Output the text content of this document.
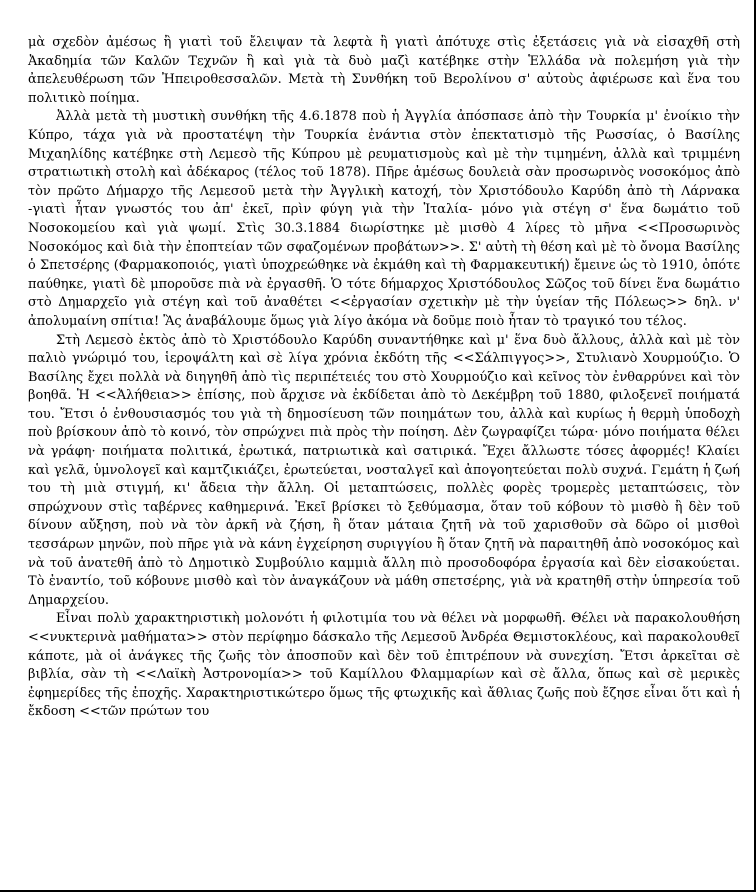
μὰ σχεδὸν ἀμέσως ἢ γιατὶ τοῦ ἔλειψαν τὰ λεφτὰ ἢ γιατὶ ἀπότυχε στὶς ἐξετάσεις γιὰ νὰ εἰσαχθῆ στὴ Ἀκαδημία τῶν Καλῶν Τεχνῶν ἢ καὶ γιὰ τὰ δυὸ μαζὶ κατέβηκε στὴν Ἑλλάδα νὰ πολεμήση γιὰ τὴν ἀπελευθέρωση τῶν Ἠπειροθεσσαλῶν. Μετὰ τὴ Συνθήκη τοῦ Βερολίνου σ' αὐτοὺς ἀφιέρωσε καὶ ἕνα του πολιτικὸ ποίημα.

Ἀλλὰ μετὰ τὴ μυστικὴ συνθήκη τῆς 4.6.1878 ποὺ ἡ Ἀγγλία ἀπόσπασε ἀπὸ τὴν Τουρκία μ' ἐνοίκιο τὴν Κύπρο, τάχα γιὰ νὰ προστατέψη τὴν Τουρκία ἐνάντια στὸν ἐπεκτατισμὸ τῆς Ρωσσίας, ὁ Βασίλης Μιχαηλίδης κατέβηκε στὴ Λεμεσὸ τῆς Κύπρου μὲ ρευματισμοὺς καὶ μὲ τὴν τιμημένη, ἀλλὰ καὶ τριμμένη στρατιωτικὴ στολὴ καὶ ἀδέκαρος (τέλος τοῦ 1878). Πῆρε ἀμέσως δουλειὰ σὰν προσωρινὸς νοσοκόμος ἀπὸ τὸν πρῶτο Δήμαρχο τῆς Λεμεσοῦ μετὰ τὴν Ἀγγλικὴ κατοχή, τὸν Χριστόδουλο Καρύδη ἀπὸ τὴ Λάρνακα -γιατὶ ἦταν γνωστός του ἀπ' ἐκεῖ, πρὶν φύγη γιὰ τὴν Ἰταλία- μόνο γιὰ στέγη σ' ἕνα δωμάτιο τοῦ Νοσοκομείου καὶ γιὰ ψωμί. Στὶς 30.3.1884 διωρίστηκε μὲ μισθὸ 4 λίρες τὸ μῆνα <<Προσωρινὸς Νοσοκόμος καὶ διὰ τὴν ἐποπτείαν τῶν σφαζομένων προβάτων>>. Σ' αὐτὴ τὴ θέση καὶ μὲ τὸ ὄνομα Βασίλης ὁ Σπετσέρης (Φαρμακοποιός, γιατὶ ὑποχρεώθηκε νὰ ἐκμάθη καὶ τὴ Φαρμακευτική) ἔμεινε ὡς τὸ 1910, ὁπότε παύθηκε, γιατὶ δὲ μποροῦσε πιὰ νὰ ἐργασθῆ. Ὁ τότε δήμαρχος Χριστόδουλος Σῶζος τοῦ δίνει ἕνα δωμάτιο στὸ Δημαρχεῖο γιὰ στέγη καὶ τοῦ ἀναθέτει <<ἐργασίαν σχετικὴν μὲ τὴν ὑγείαν τῆς Πόλεως>> δηλ. ν' ἀπολυμαίνη σπίτια! Ἂς ἀναβάλουμε ὅμως γιὰ λίγο ἀκόμα νὰ δοῦμε ποιὸ ἦταν τὸ τραγικό του τέλος.

Στὴ Λεμεσὸ ἐκτὸς ἀπὸ τὸ Χριστόδουλο Καρύδη συναντήθηκε καὶ μ' ἕνα δυὸ ἄλλους, ἀλλὰ καὶ μὲ τὸν παλιὸ γνώριμό του, ἱεροψάλτη καὶ σὲ λίγα χρόνια ἐκδότη τῆς <<Σάλπιγγος>>, Στυλιανὸ Χουρμούζιο. Ὁ Βασίλης ἔχει πολλὰ νὰ διηγηθῆ ἀπὸ τὶς περιπέτειές του στὸ Χουρμούζιο καὶ κεῖνος τὸν ἐνθαρρύνει καὶ τὸν βοηθᾶ. Ἡ <<Ἀλήθεια>> ἐπίσης, ποὺ ἄρχισε νὰ ἐκδίδεται ἀπὸ τὸ Δεκέμβρη τοῦ 1880, φιλοξενεῖ ποιήματά του. Ἔτσι ὁ ἐνθουσιασμός του γιὰ τὴ δημοσίευση τῶν ποιημάτων του, ἀλλὰ καὶ κυρίως ἡ θερμὴ ὑποδοχὴ ποὺ βρίσκουν ἀπὸ τὸ κοινό, τὸν σπρώχνει πιὰ πρὸς τὴν ποίηση. Δὲν ζωγραφίζει τώρα· μόνο ποιήματα θέλει νὰ γράφη· ποιήματα πολιτικά, ἐρωτικά, πατριωτικὰ καὶ σατιρικά. Ἔχει ἄλλωστε τόσες ἀφορμές! Κλαίει καὶ γελᾶ, ὑμνολογεῖ καὶ καμτζικιάζει, ἐρωτεύεται, νοσταλγεῖ καὶ ἀπογοητεύεται πολὺ συχνά. Γεμάτη ἡ ζωή του τὴ μιὰ στιγμή, κι' ἄδεια τὴν ἄλλη. Οἱ μεταπτώσεις, πολλὲς φορὲς τρομερὲς μεταπτώσεις, τὸν σπρώχνουν στὶς ταβέρνες καθημερινά. Ἐκεῖ βρίσκει τὸ ξεθύμασμα, ὅταν τοῦ κόβουν τὸ μισθὸ ἢ δὲν τοῦ δίνουν αὔξηση, ποὺ νὰ τὸν ἀρκῆ νὰ ζήση, ἢ ὅταν μάταια ζητῆ νὰ τοῦ χαρισθοῦν σὰ δῶρο οἱ μισθοὶ τεσσάρων μηνῶν, ποὺ πῆρε γιὰ νὰ κάνη ἐγχείρηση συριγγίου ἢ ὅταν ζητῆ νὰ παραιτηθῆ ἀπὸ νοσοκόμος καὶ νὰ τοῦ ἀνατεθῆ ἀπὸ τὸ Δημοτικὸ Συμβούλιο καμμιὰ ἄλλη πιὸ προσοδοφόρα ἐργασία καὶ δὲν εἰσακούεται. Τὸ ἐναντίο, τοῦ κόβουνε μισθὸ καὶ τὸν ἀναγκάζουν νὰ μάθη σπετσέρης, γιὰ νὰ κρατηθῆ στὴν ὑπηρεσία τοῦ Δημαρχείου.

Εἶναι πολὺ χαρακτηριστικὴ μολονότι ἡ φιλοτιμία του νὰ θέλει νὰ μορφωθῆ. Θέλει νὰ παρακολουθήση <<νυκτερινὰ μαθήματα>> στὸν περίφημο δάσκαλο τῆς Λεμεσοῦ Ἀνδρέα Θεμιστοκλέους, καὶ παρακολουθεῖ κάποτε, μὰ οἱ ἀνάγκες τῆς ζωῆς τὸν ἀποσποῦν καὶ δὲν τοῦ ἐπιτρέπουν νὰ συνεχίση. Ἔτσι ἀρκεῖται σὲ βιβλία, σὰν τὴ <<Λαϊκὴ Ἀστρονομία>> τοῦ Καμίλλου Φλαμμαρίων καὶ σὲ ἄλλα, ὅπως καὶ σὲ μερικὲς ἐφημερίδες τῆς ἐποχῆς. Χαρακτηριστικώτερο ὅμως τῆς φτωχικῆς καὶ ἄθλιας ζωῆς ποὺ ἔζησε εἶναι ὅτι καὶ ἡ ἔκδοση <<τῶν πρώτων του
